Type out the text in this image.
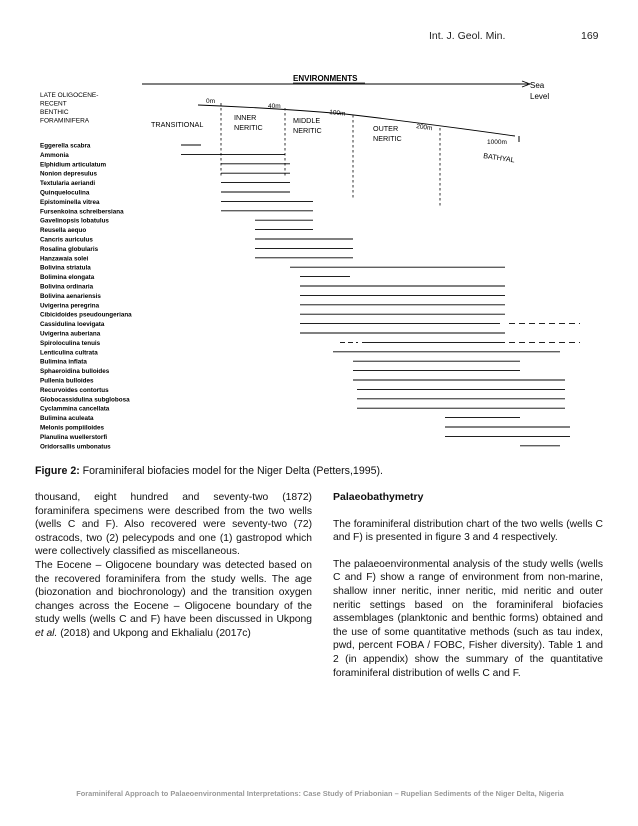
Int. J. Geol. Min.	169
ENVIRONMENTS
Sea Level
LATE OLIGOCENE-RECENT BENTHIC FORAMINIFERA	TRANSITIONAL
INNER NERITIC
MIDDLE NERITIC	OUTER NERITIC
BATHYAL
0m
40m
100m
200m
1000m
Eggerella scabra
Ammonia
Elphidium articulatum
Nonion depresulus
Textularia aeriandi
Quinqueloculina
Epistominella vitrea
Fursenkoina schreibersiana
Gavelinopsis lobatulus
Reusella aequo
Cancris auriculus
Rosalina globularis
Hanzawaia solei
Bolivina striatula
Bolimina elongata
Bolivina ordinaria
Bolivina aenariensis
Uvigerina peregrina
Cibicidoides pseudoungeriana
Cassidulina loevigata
Uvigerina auberiana
Spiroloculina tenuis
Lenticulina cultrata
Bulimina inflata
Sphaeroidina bulloides
Pullenia bulloides
Recurvoides contortus
Globocassidulina subglobosa
Cyclammina cancellata
Bulimina aculeata
Melonis pompiiloides
Planulina wuellerstorfi
Oridorsallis umbonatus
Figure 2: Foraminiferal biofacies model for the Niger Delta (Petters,1995).

thousand, eight hundred and seventy-two (1872) foraminifera specimens were described from the two wells (wells C and F). Also recovered were seventy-two (72) ostracods, two (2) pelecypods and one (1) gastropod which were collectively classified as miscellaneous.

The Eocene – Oligocene boundary was detected based on the recovered foraminifera from the study wells. The age (biozonation and biochronology) and the transition oxygen changes across the Eocene – Oligocene boundary of the study wells (wells C and F) have been discussed in Ukpong et al. (2018) and Ukpong and Ekhalialu (2017c)

Palaeobathymetry

The foraminiferal distribution chart of the two wells (wells C and F) is presented in figure 3 and 4 respectively.

The palaeoenvironmental analysis of the study wells (wells C and F) show a range of environment from non-marine, shallow inner neritic, inner neritic, mid neritic and outer neritic settings based on the foraminiferal biofacies assemblages (planktonic and benthic forms) obtained and the use of some quantitative methods (such as tau index, pwd, percent FOBA / FOBC, Fisher diversity). Table 1 and 2 (in appendix) show the summary of the quantitative foraminiferal distribution of wells C and F.

Foraminiferal Approach to Palaeoenvironmental Interpretations: Case Study of Priabonian – Rupelian Sediments of the Niger Delta, Nigeria
